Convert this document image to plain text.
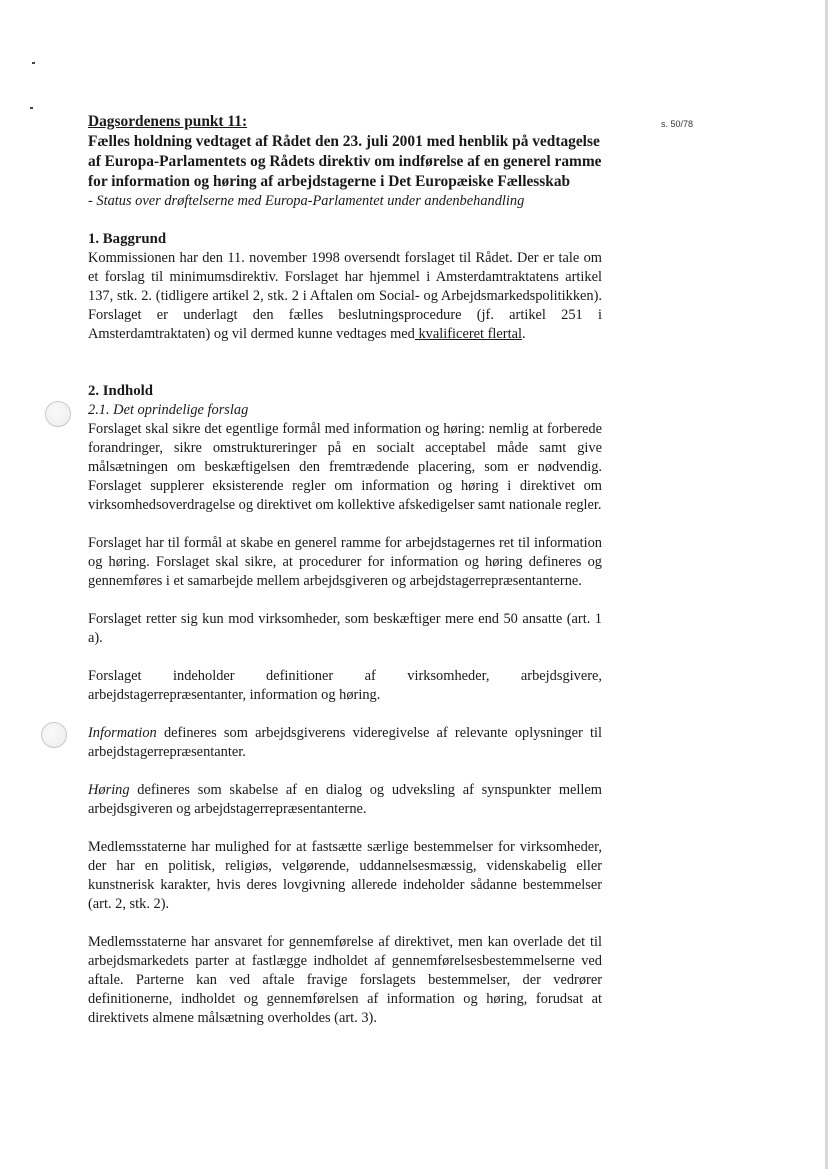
s. 50/78
Dagsordenens punkt 11:
Fælles holdning vedtaget af Rådet den 23. juli 2001 med henblik på vedtagelse af Europa-Parlamentets og Rådets direktiv om indførelse af en generel ramme for information og høring af arbejdstagerne i Det Europæiske Fællesskab
- Status over drøftelserne med Europa-Parlamentet under andenbehandling
1. Baggrund

Kommissionen har den 11. november 1998 oversendt forslaget til Rådet. Der er tale om et forslag til minimumsdirektiv. Forslaget har hjemmel i Amsterdamtraktatens artikel 137, stk. 2. (tidligere artikel 2, stk. 2 i Aftalen om Social- og Arbejdsmarkedspolitikken). Forslaget er underlagt den fælles beslutningsprocedure (jf. artikel 251 i Amsterdamtraktaten) og vil dermed kunne vedtages med kvalificeret flertal.

2. Indhold
2.1. Det oprindelige forslag

Forslaget skal sikre det egentlige formål med information og høring: nemlig at forberede forandringer, sikre omstruktureringer på en socialt acceptabel måde samt give målsætningen om beskæftigelsen den fremtrædende placering, som er nødvendig. Forslaget supplerer eksisterende regler om information og høring i direktivet om virksomhedsoverdragelse og direktivet om kollektive afskedigelser samt nationale regler.

Forslaget har til formål at skabe en generel ramme for arbejdstagernes ret til information og høring. Forslaget skal sikre, at procedurer for information og høring defineres og gennemføres i et samarbejde mellem arbejdsgiveren og arbejdstagerrepræsentanterne.

Forslaget retter sig kun mod virksomheder, som beskæftiger mere end 50 ansatte (art. 1 a).

Forslaget indeholder definitioner af virksomheder, arbejdsgivere, arbejdstagerrepræsentanter, information og høring.

Information defineres som arbejdsgiverens videregivelse af relevante oplysninger til arbejdstagerrepræsentanter.

Høring defineres som skabelse af en dialog og udveksling af synspunkter mellem arbejdsgiveren og arbejdstagerrepræsentanterne.

Medlemsstaterne har mulighed for at fastsætte særlige bestemmelser for virksomheder, der har en politisk, religiøs, velgørende, uddannelsesmæssig, videnskabelig eller kunstnerisk karakter, hvis deres lovgivning allerede indeholder sådanne bestemmelser (art. 2, stk. 2).

Medlemsstaterne har ansvaret for gennemførelse af direktivet, men kan overlade det til arbejdsmarkedets parter at fastlægge indholdet af gennemførelsesbestemmelserne ved aftale. Parterne kan ved aftale fravige forslagets bestemmelser, der vedrører definitionerne, indholdet og gennemførelsen af information og høring, forudsat at direktivets almene målsætning overholdes (art. 3).
